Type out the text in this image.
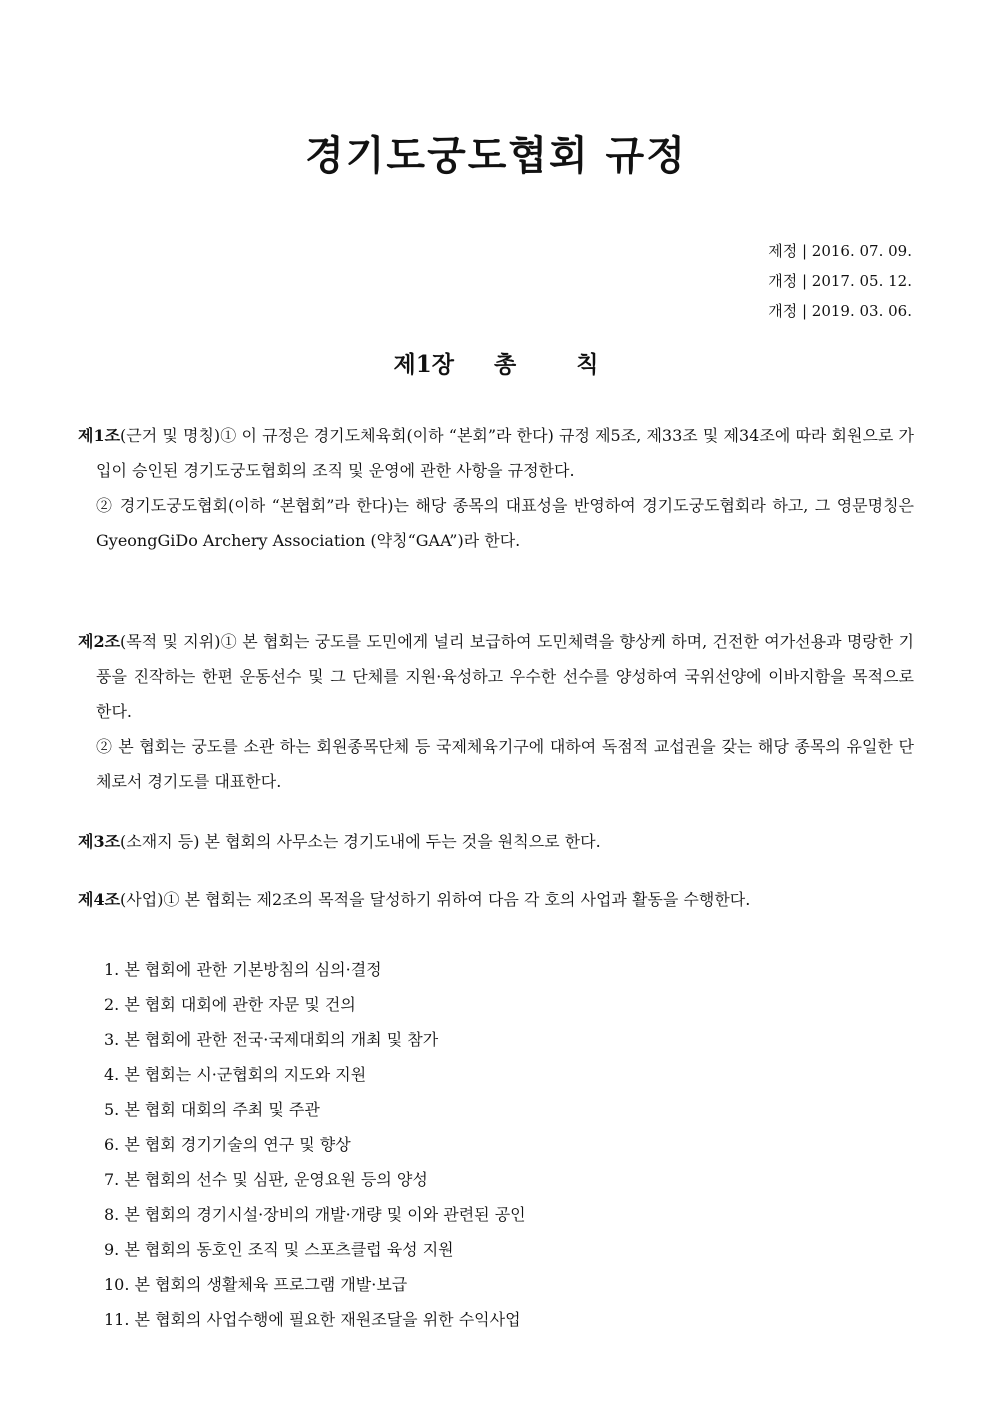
경기도궁도협회 규정
제정 | 2016. 07. 09.
개정 | 2017. 05. 12.
개정 | 2019. 03. 06.
제1장 총	칙

제1조(근거 및 명칭)① 이 규정은 경기도체육회(이하 “본회”라 한다) 규정 제5조, 제33조 및 제34조에 따라 회원으로 가입이 승인된 경기도궁도협회의 조직 및 운영에 관한 사항을 규정한다.

② 경기도궁도협회(이하 “본협회”라 한다)는 해당 종목의 대표성을 반영하여 경기도궁도협회라 하고, 그 영문명칭은 GyeongGiDo Archery Association (약칭“GAA”)라 한다.

제2조(목적 및 지위)① 본 협회는 궁도를 도민에게 널리 보급하여 도민체력을 향상케 하며, 건전한 여가선용과 명랑한 기풍을 진작하는 한편 운동선수 및 그 단체를 지원·육성하고 우수한 선수를 양성하여 국위선양에 이바지함을 목적으로 한다.

② 본 협회는 궁도를 소관 하는 회원종목단체 등 국제체육기구에 대하여 독점적 교섭권을 갖는 해당 종목의 유일한 단체로서 경기도를 대표한다.

제3조(소재지 등) 본 협회의 사무소는 경기도내에 두는 것을 원칙으로 한다.

제4조(사업)① 본 협회는 제2조의 목적을 달성하기 위하여 다음 각 호의 사업과 활동을 수행한다.

1. 본 협회에 관한 기본방침의 심의·결정
2. 본 협회 대회에 관한 자문 및 건의
3. 본 협회에 관한 전국·국제대회의 개최 및 참가
4. 본 협회는 시·군협회의 지도와 지원
5. 본 협회 대회의 주최 및 주관
6. 본 협회 경기기술의 연구 및 향상
7. 본 협회의 선수 및 심판, 운영요원 등의 양성
8. 본 협회의 경기시설·장비의 개발·개량 및 이와 관련된 공인
9. 본 협회의 동호인 조직 및 스포츠클럽 육성 지원
10. 본 협회의 생활체육 프로그램 개발·보급
11. 본 협회의 사업수행에 필요한 재원조달을 위한 수익사업
